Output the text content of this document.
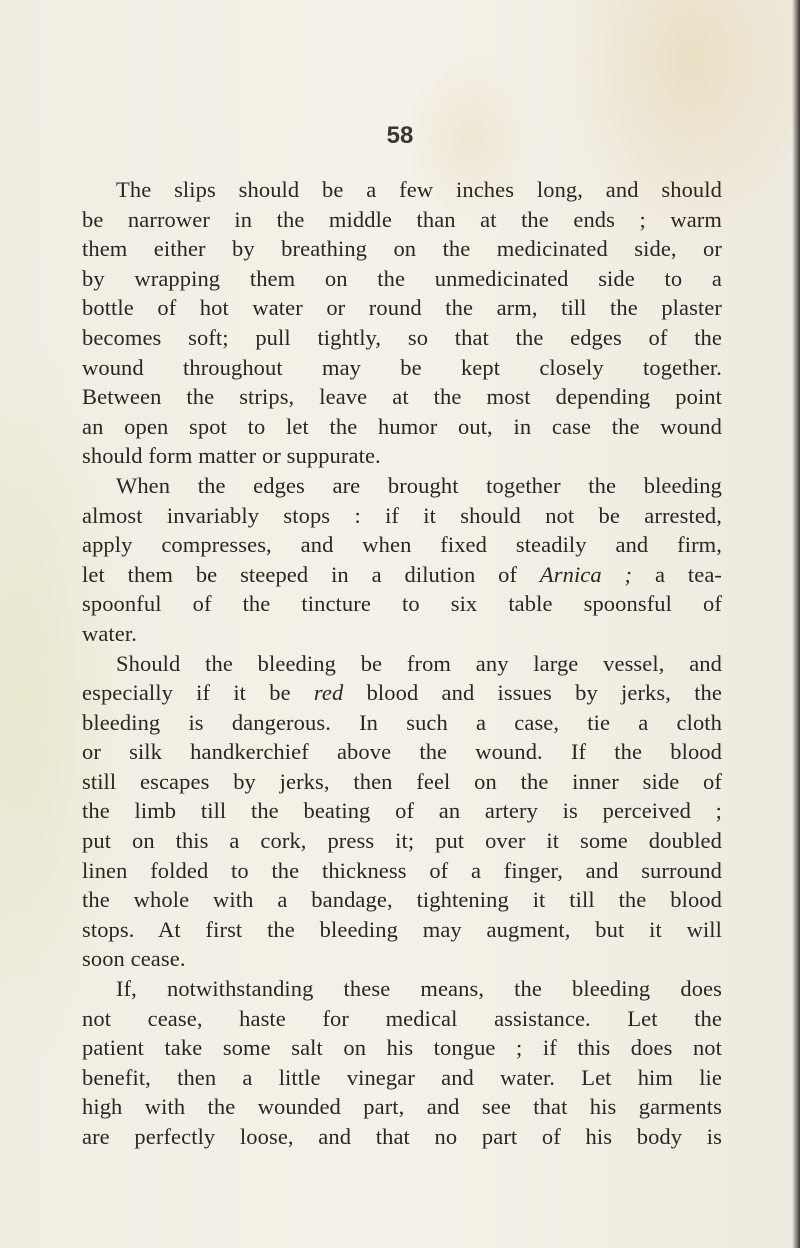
58
The slips should be a few inches long, and should
be narrower in the middle than at the ends ; warm
them either by breathing on the medicinated side, or
by wrapping them on the unmedicinated side to a
bottle of hot water or round the arm, till the plaster
becomes soft; pull tightly, so that the edges of the
wound throughout may be kept closely together.
Between the strips, leave at the most depending point
an open spot to let the humor out, in case the wound
should form matter or suppurate.
When the edges are brought together the bleeding
almost invariably stops : if it should not be arrested,
apply compresses, and when fixed steadily and firm,
let them be steeped in a dilution of Arnica ; a tea-
spoonful of the tincture to six table spoonsful of
water.
Should the bleeding be from any large vessel, and
especially if it be red blood and issues by jerks, the
bleeding is dangerous. In such a case, tie a cloth
or silk handkerchief above the wound. If the blood
still escapes by jerks, then feel on the inner side of
the limb till the beating of an artery is perceived ;
put on this a cork, press it; put over it some doubled
linen folded to the thickness of a finger, and surround
the whole with a bandage, tightening it till the blood
stops. At first the bleeding may augment, but it will
soon cease.
If, notwithstanding these means, the bleeding does
not cease, haste for medical assistance. Let the
patient take some salt on his tongue ; if this does not
benefit, then a little vinegar and water. Let him lie
high with the wounded part, and see that his garments
are perfectly loose, and that no part of his body is
